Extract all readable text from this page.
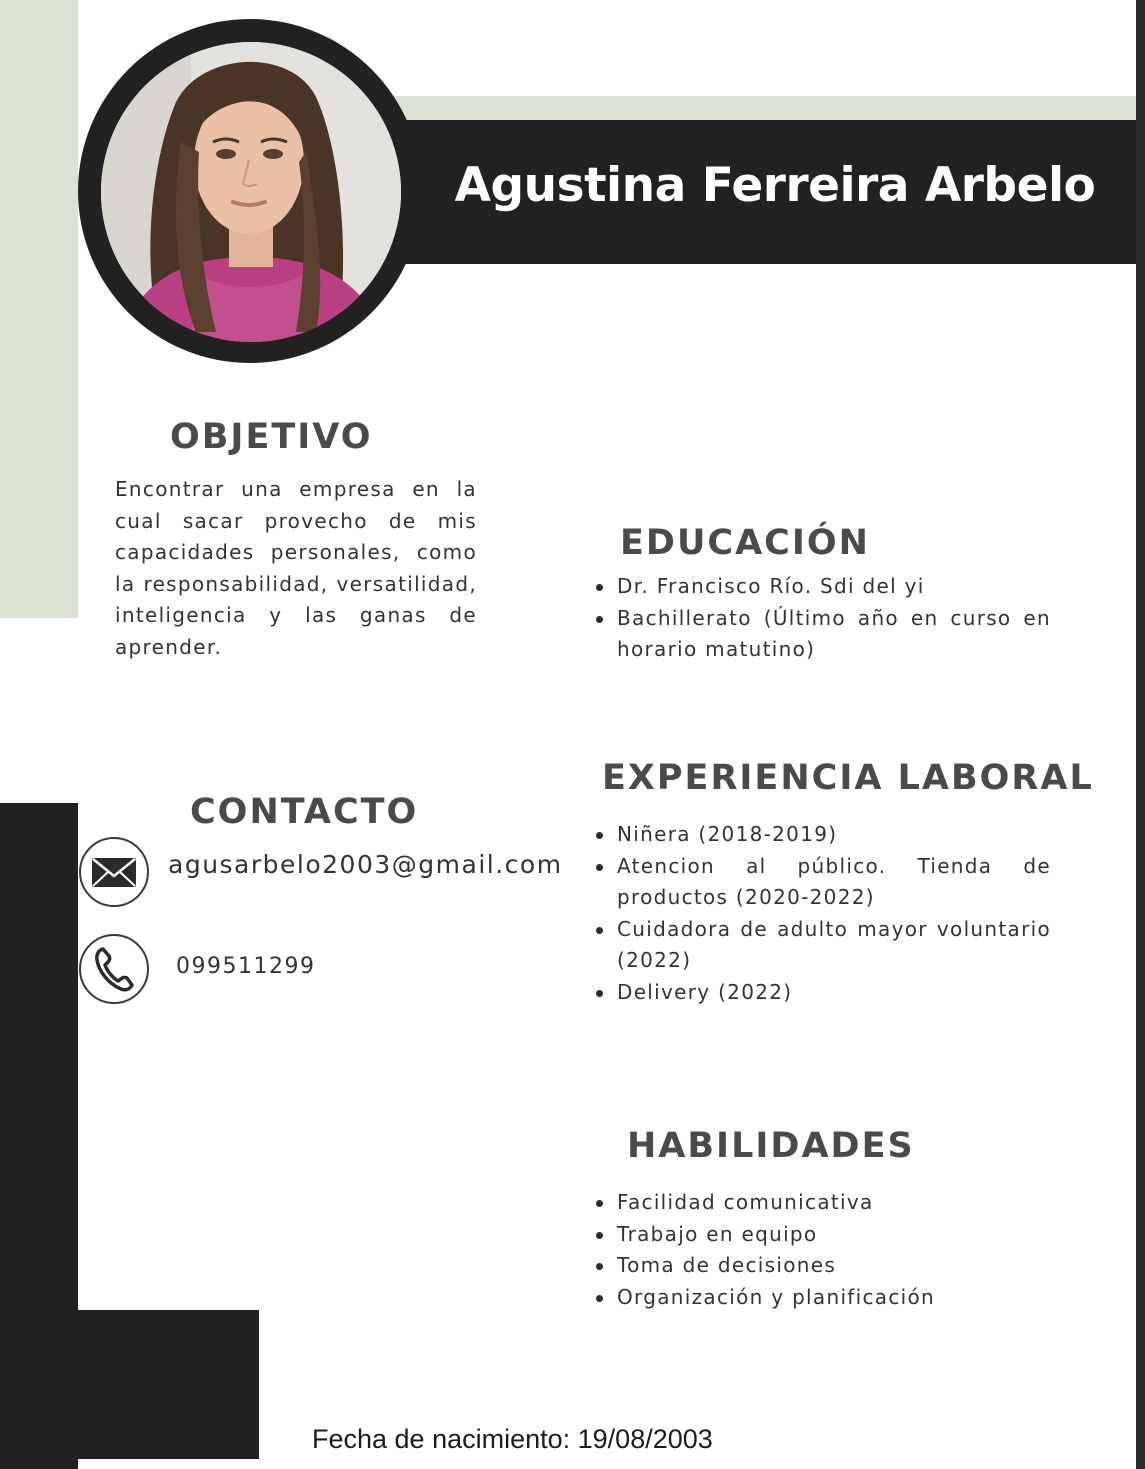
Agustina Ferreira Arbelo
OBJETIVO
Encontrar una empresa en la cual sacar provecho de mis capacidades personales, como la responsabilidad, versatilidad, inteligencia y las ganas de aprender.
EDUCACIÓN
Dr. Francisco Río. Sdi del yi
Bachillerato (Último año en curso en horario matutino)
EXPERIENCIA LABORAL
Niñera (2018-2019)
Atencion al público. Tienda de productos (2020-2022)
Cuidadora de adulto mayor voluntario (2022)
Delivery (2022)
HABILIDADES
Facilidad comunicativa
Trabajo en equipo
Toma de decisiones
Organización y planificación
CONTACTO
agusarbelo2003@gmail.com
099511299
Fecha de nacimiento: 19/08/2003
